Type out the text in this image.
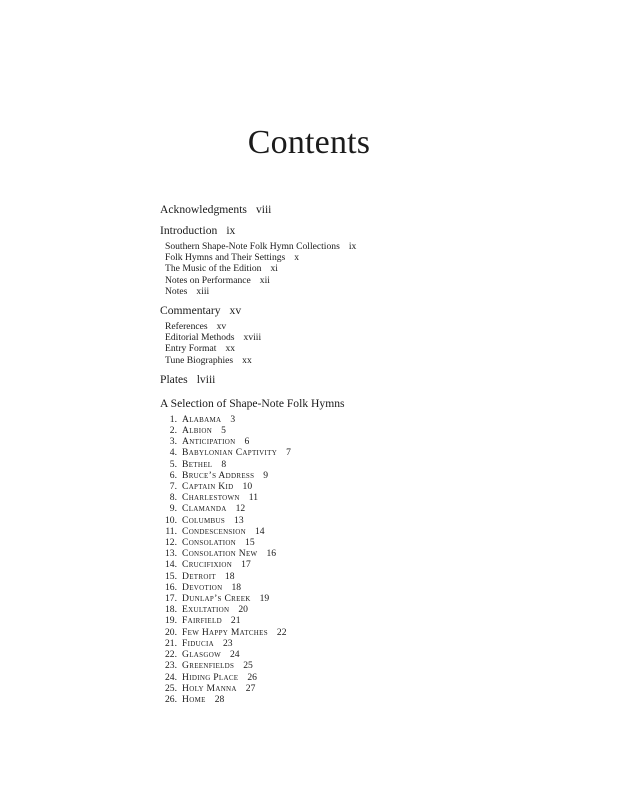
Contents
Acknowledgments viii
Introduction ix
Southern Shape-Note Folk Hymn Collections ix
Folk Hymns and Their Settings x
The Music of the Edition xi
Notes on Performance xii
Notes xiii
Commentary xv
References xv
Editorial Methods xviii
Entry Format xx
Tune Biographies xx
Plates lviii
A Selection of Shape-Note Folk Hymns
1. Alabama 3
2. Albion 5
3. Anticipation 6
4. Babylonian Captivity 7
5. Bethel 8
6. Bruce’s Address 9
7. Captain Kid 10
8. Charlestown 11
9. Clamanda 12
10. Columbus 13
11. Condescension 14
12. Consolation 15
13. Consolation New 16
14. Crucifixion 17
15. Detroit 18
16. Devotion 18
17. Dunlap’s Creek 19
18. Exultation 20
19. Fairfield 21
20. Few Happy Matches 22
21. Fiducia 23
22. Glasgow 24
23. Greenfields 25
24. Hiding Place 26
25. Holy Manna 27
26. Home 28
